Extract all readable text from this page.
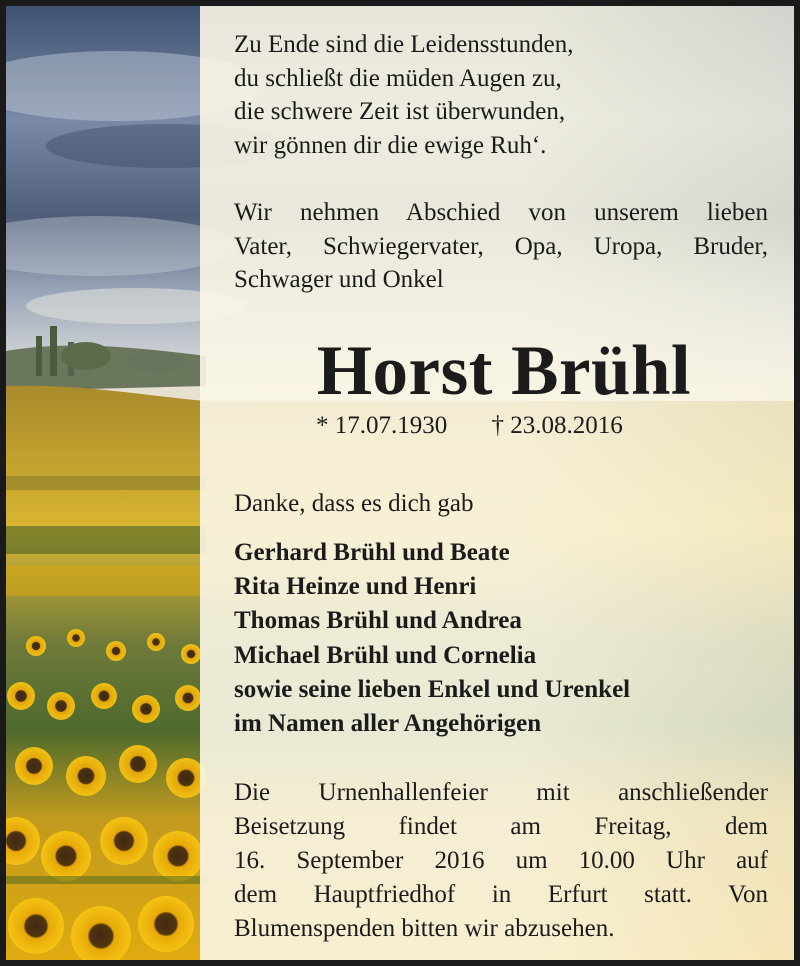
Zu Ende sind die Leidensstunden,
du schließt die müden Augen zu,
die schwere Zeit ist überwunden,
wir gönnen dir die ewige Ruh‘.

Wir nehmen Abschied von unserem lieben
Vater, Schwiegervater, Opa, Uropa, Bruder,
Schwager und Onkel

Horst Brühl
* 17.07.1930 † 23.08.2016
Danke, dass es dich gab
Gerhard Brühl und Beate
Rita Heinze und Henri
Thomas Brühl und Andrea
Michael Brühl und Cornelia
sowie seine lieben Enkel und Urenkel
im Namen aller Angehörigen
Die Urnenhallenfeier mit anschließender
Beisetzung findet am Freitag, dem
16. September 2016 um 10.00 Uhr auf
dem Hauptfriedhof in Erfurt statt. Von
Blumenspenden bitten wir abzusehen.
